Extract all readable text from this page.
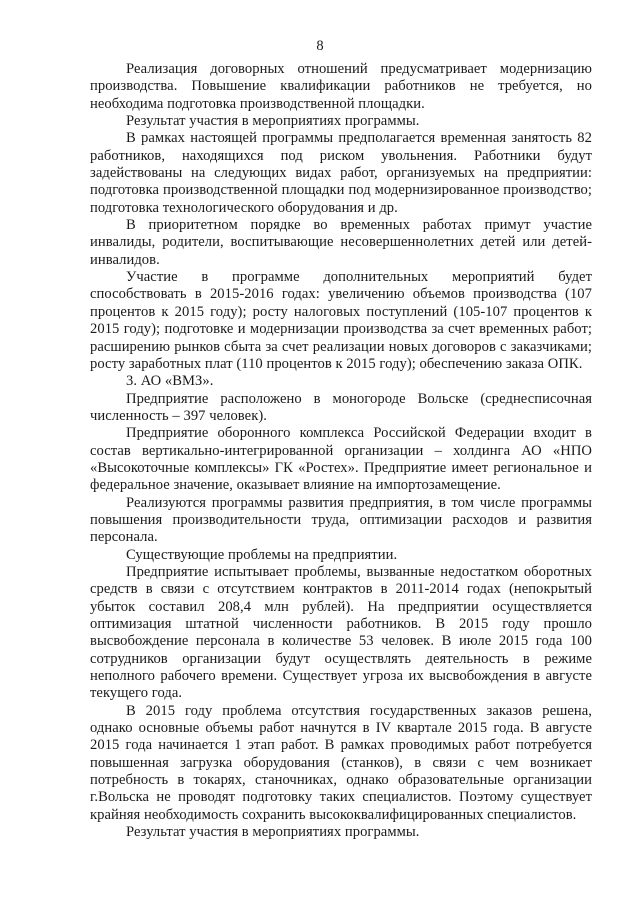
8

Реализация договорных отношений предусматривает модернизацию производства. Повышение квалификации работников не требуется, но необходима подготовка производственной площадки.

Результат участия в мероприятиях программы.

В рамках настоящей программы предполагается временная занятость 82 работников, находящихся под риском увольнения. Работники будут задействованы на следующих видах работ, организуемых на предприятии: подготовка производственной площадки под модернизированное производство; подготовка технологического оборудования и др.

В приоритетном порядке во временных работах примут участие инвалиды, родители, воспитывающие несовершеннолетних детей или детей-инвалидов.

Участие в программе дополнительных мероприятий будет способствовать в 2015-2016 годах: увеличению объемов производства (107 процентов к 2015 году); росту налоговых поступлений (105-107 процентов к 2015 году); подготовке и модернизации производства за счет временных работ; расширению рынков сбыта за счет реализации новых договоров с заказчиками; росту заработных плат (110 процентов к 2015 году); обеспечению заказа ОПК.

3. АО «ВМЗ».

Предприятие расположено в моногороде Вольске (среднесписочная численность – 397 человек).

Предприятие оборонного комплекса Российской Федерации входит в состав вертикально-интегрированной организации – холдинга АО «НПО «Высокоточные комплексы» ГК «Ростех». Предприятие имеет региональное и федеральное значение, оказывает влияние на импортозамещение.

Реализуются программы развития предприятия, в том числе программы повышения производительности труда, оптимизации расходов и развития персонала.

Существующие проблемы на предприятии.

Предприятие испытывает проблемы, вызванные недостатком оборотных средств в связи с отсутствием контрактов в 2011-2014 годах (непокрытый убыток составил 208,4 млн рублей). На предприятии осуществляется оптимизация штатной численности работников. В 2015 году прошло высвобождение персонала в количестве 53 человек. В июле 2015 года 100 сотрудников организации будут осуществлять деятельность в режиме неполного рабочего времени. Существует угроза их высвобождения в августе текущего года.

В 2015 году проблема отсутствия государственных заказов решена, однако основные объемы работ начнутся в IV квартале 2015 года. В августе 2015 года начинается 1 этап работ. В рамках проводимых работ потребуется повышенная загрузка оборудования (станков), в связи с чем возникает потребность в токарях, станочниках, однако образовательные организации г.Вольска не проводят подготовку таких специалистов. Поэтому существует крайняя необходимость сохранить высококвалифицированных специалистов.

Результат участия в мероприятиях программы.
